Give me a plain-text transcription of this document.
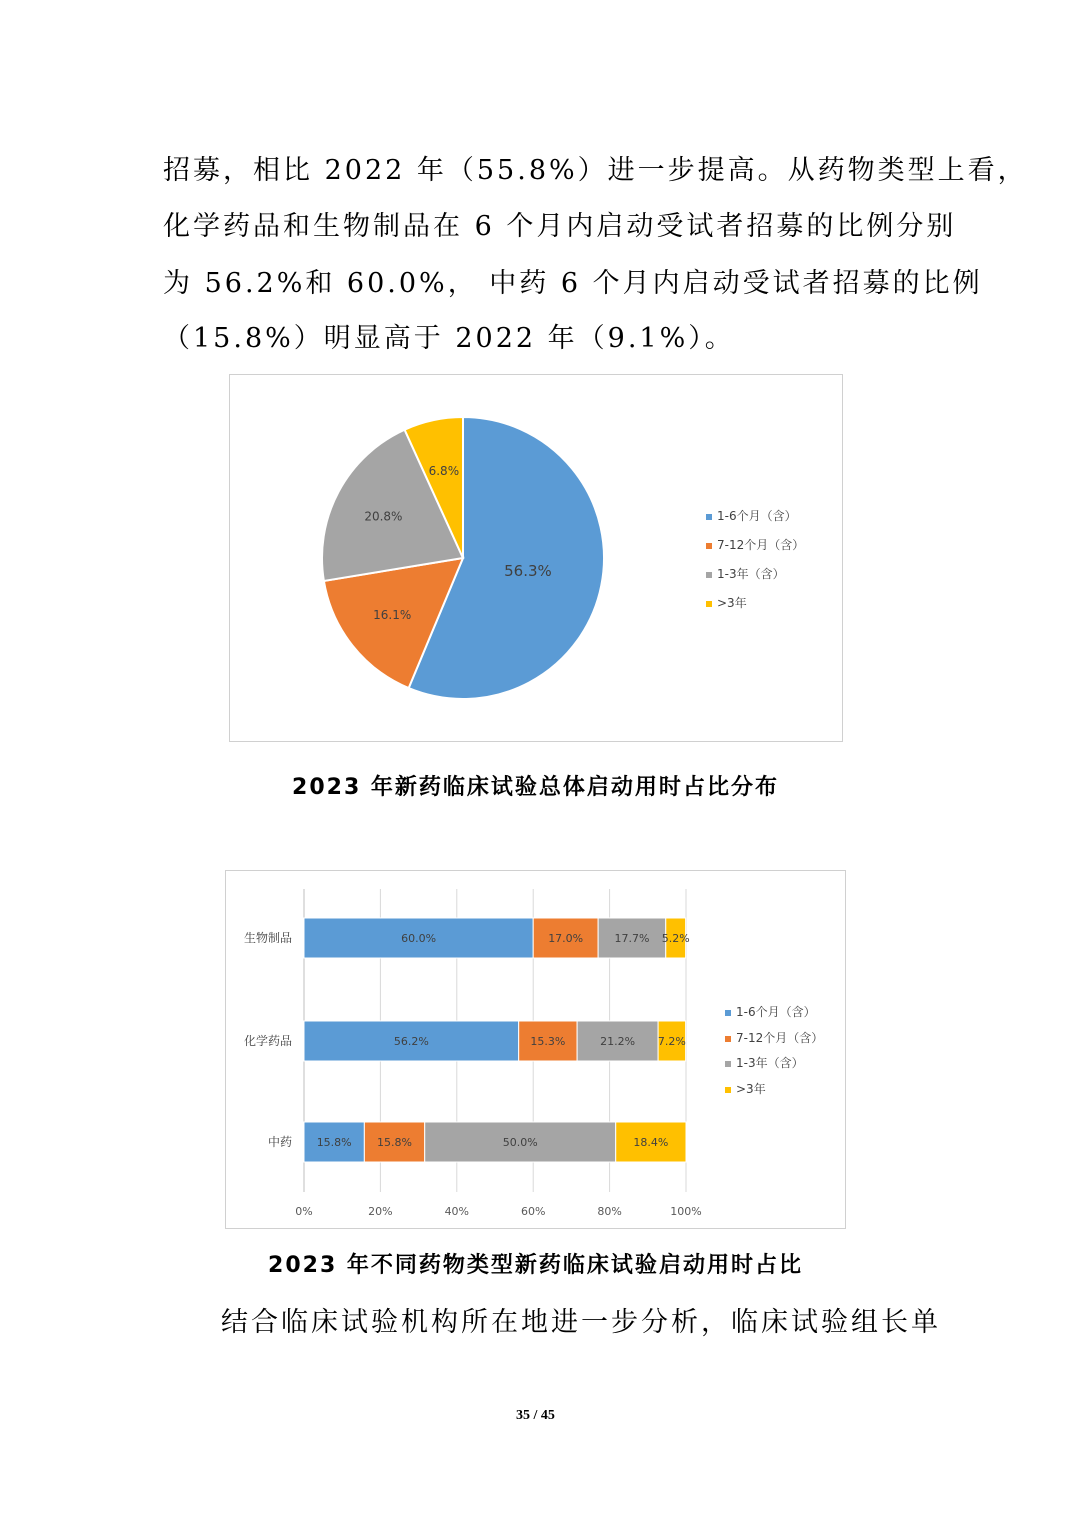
招募，相比 2022 年（55.8%）进一步提高。从药物类型上看，
化学药品和生物制品在 6 个月内启动受试者招募的比例分别
为 56.2%和 60.0%， 中药 6 个月内启动受试者招募的比例
（15.8%）明显高于 2022 年（9.1%）。
56.3%
16.1%
20.8%
6.8%
1-6个月（含）
7-12个月（含）
1-3年（含）
>3年
2023 年新药临床试验总体启动用时占比分布
0%	20%	40%	60%	80%	100%
生物制品	60.0%	17.0%	17.7% 5.2%
化学药品	56.2%	15.3%	21.2% 7.2%
中药 15.8% 15.8%	50.0%	18.4%
1-6个月（含）
7-12个月（含）
1-3年（含）
>3年
2023 年不同药物类型新药临床试验启动用时占比
结合临床试验机构所在地进一步分析，临床试验组长单
35 / 45
